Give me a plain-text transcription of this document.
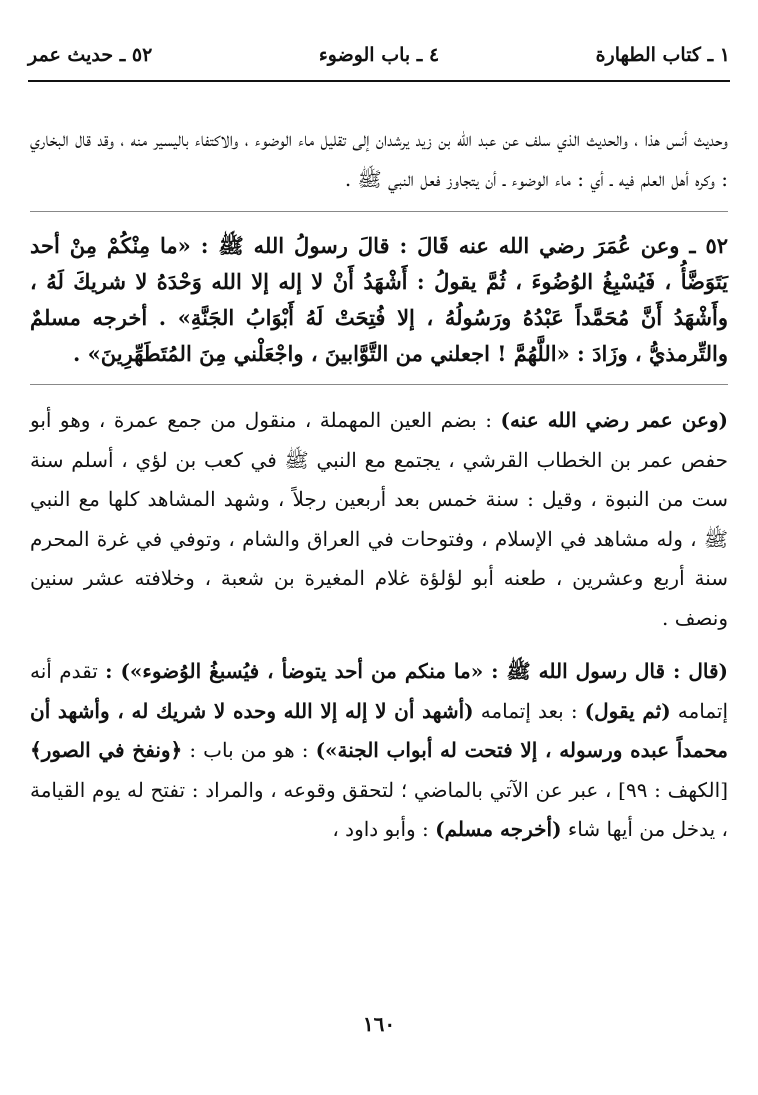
١ ـ كتاب الطهارة
٤ ـ باب الوضوء
٥٢ ـ حديث عمر

وحديث أنس هذا ، والحديث الذي سلف عن عبد الله بن زيد يرشدان إلى تقليل ماء الوضوء ، والاكتفاء باليسير منه ، وقد قال البخاري : وكره أهل العلم فيه ـ أي : ماء الوضوء ـ أن يتجاوز فعل النبي ﷺ .

٥٢ ـ وعن عُمَرَ رضي الله عنه قَالَ : قالَ رسولُ الله ﷺ : «ما مِنْكُمْ مِنْ أحد يَتَوَضَّأُ ، فَيُسْبِغُ الوُضُوءَ ، ثُمَّ يقولُ : أَشْهَدُ أَنْ لا إله إلا الله وَحْدَهُ لا شريكَ لَهُ ، وأَشْهَدُ أَنَّ مُحَمَّداً عَبْدُهُ ورَسُولُهُ ، إلا فُتِحَتْ لَهُ أَبْوَابُ الجَنَّةِ» . أخرجه مسلمٌ والتِّرمذيُّ ، وزَادَ : «اللَّهُمَّ ! اجعلني من التَّوَّابينَ ، واجْعَلْني مِنَ المُتَطَهِّرِينَ» .

(وعن عمر رضي الله عنه) : بضم العين المهملة ، منقول من جمع عمرة ، وهو أبو حفص عمر بن الخطاب القرشي ، يجتمع مع النبي ﷺ في كعب بن لؤي ، أسلم سنة ست من النبوة ، وقيل : سنة خمس بعد أربعين رجلاً ، وشهد المشاهد كلها مع النبي ﷺ ، وله مشاهد في الإسلام ، وفتوحات في العراق والشام ، وتوفي في غرة المحرم سنة أربع وعشرين ، طعنه أبو لؤلؤة غلام المغيرة بن شعبة ، وخلافته عشر سنين ونصف .

(قال : قال رسول الله ﷺ : «ما منكم من أحد يتوضأ ، فيُسبغُ الوُضوء») : تقدم أنه إتمامه (ثم يقول) : بعد إتمامه (أشهد أن لا إله إلا الله وحده لا شريك له ، وأشهد أن محمداً عبده ورسوله ، إلا فتحت له أبواب الجنة») : هو من باب : ﴿ونفخ في الصور﴾ [الكهف : ٩٩] ، عبر عن الآتي بالماضي ؛ لتحقق وقوعه ، والمراد : تفتح له يوم القيامة ، يدخل من أيها شاء (أخرجه مسلم) : وأبو داود ،

١٦٠
